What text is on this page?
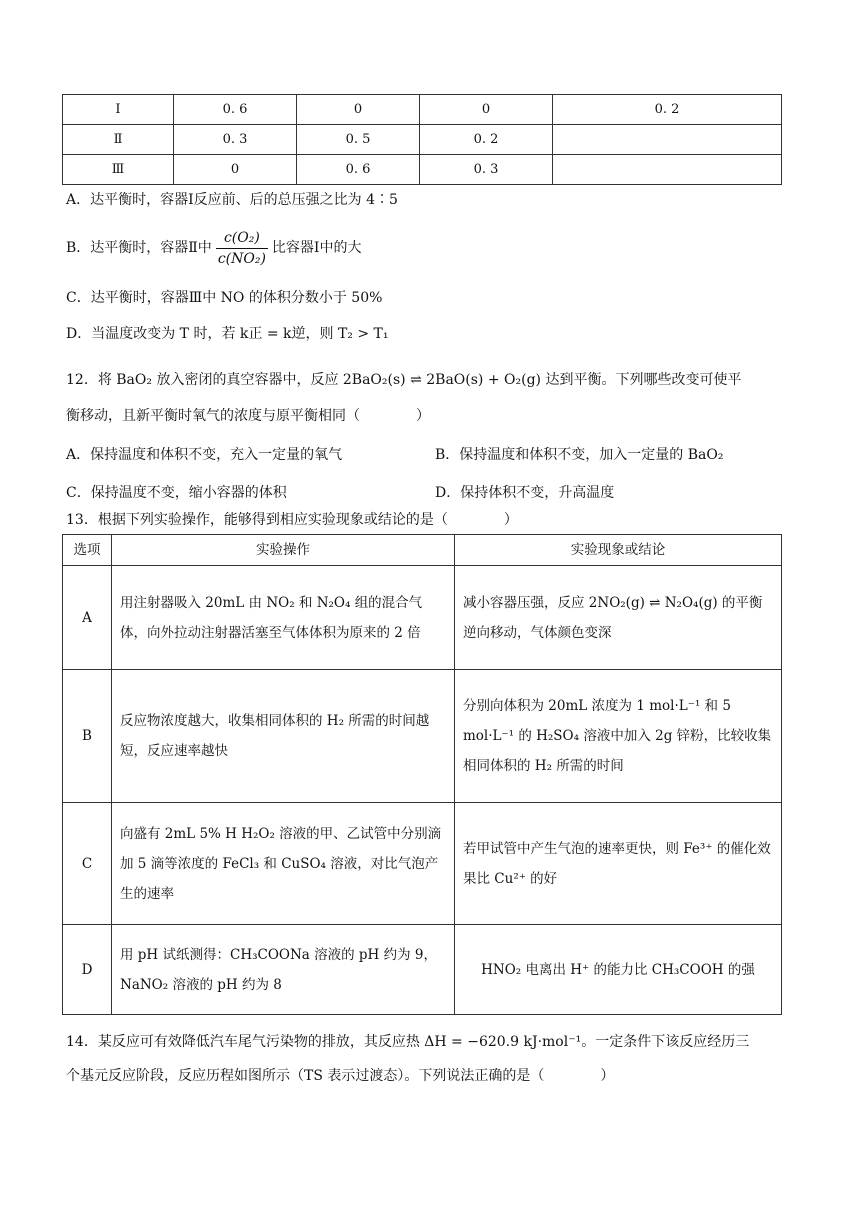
Ⅰ	0. 6	0	0	0. 2
Ⅱ	0. 3	0. 5	0. 2	
Ⅲ	0	0. 6	0. 3	
A．达平衡时，容器Ⅰ反应前、后的总压强之比为 4∶5
B．达平衡时，容器Ⅱ中 $\frac{\text{c(O₂)}}{\text{c(NO₂)}}$ 比容器Ⅰ中的大
C．达平衡时，容器Ⅲ中 NO 的体积分数小于 50%
D．当温度改变为 T 时，若 k正 = k逆，则 T₂ > T₁
12．将 BaO₂ 放入密闭的真空容器中，反应 2BaO₂(s) ⇌ 2BaO(s) + O₂(g) 达到平衡。下列哪些改变可使平
衡移动，且新平衡时氧气的浓度与原平衡相同（　　　　）
A．保持温度和体积不变，充入一定量的氧气	B．保持温度和体积不变，加入一定量的 BaO₂
C．保持温度不变，缩小容器的体积	D．保持体积不变，升高温度
13．根据下列实验操作，能够得到相应实验现象或结论的是（　　　　）
选项	实验操作	实验现象或结论
A	用注射器吸入 20mL 由 NO₂ 和 N₂O₄ 组的混合气体，向外拉动注射器活塞至气体体积为原来的 2 倍	减小容器压强，反应 2NO₂(g) ⇌ N₂O₄(g) 的平衡逆向移动，气体颜色变深
B	反应物浓度越大，收集相同体积的 H₂ 所需的时间越短，反应速率越快	分别向体积为 20mL 浓度为 1 mol·L⁻¹ 和 5 mol·L⁻¹ 的 H₂SO₄ 溶液中加入 2g 锌粉，比较收集相同体积的 H₂ 所需的时间
C	向盛有 2mL 5% H H₂O₂ 溶液的甲、乙试管中分别滴加 5 滴等浓度的 FeCl₃ 和 CuSO₄ 溶液，对比气泡产生的速率	若甲试管中产生气泡的速率更快，则 Fe³⁺ 的催化效果比 Cu²⁺ 的好
D	用 pH 试纸测得：CH₃COONa 溶液的 pH 约为 9，NaNO₂ 溶液的 pH 约为 8	HNO₂ 电离出 H⁺ 的能力比 CH₃COOH 的强
14．某反应可有效降低汽车尾气污染物的排放，其反应热 ΔH = −620.9 kJ·mol⁻¹。一定条件下该反应经历三
个基元反应阶段，反应历程如图所示（TS 表示过渡态）。下列说法正确的是（　　　　）
